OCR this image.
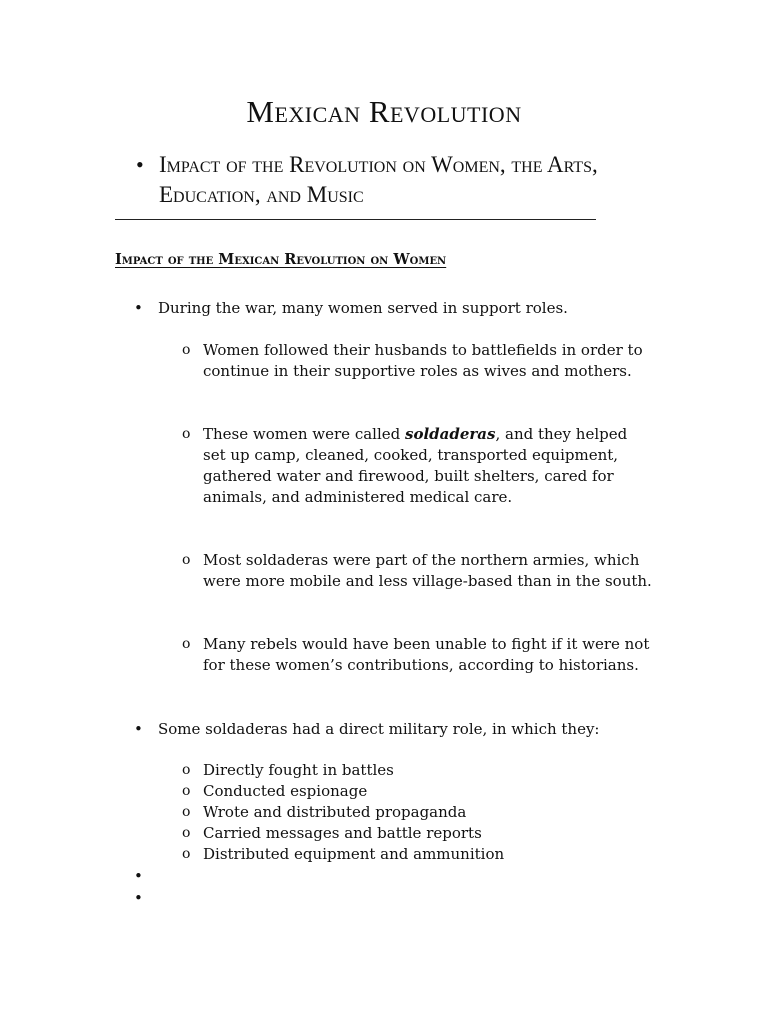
Mexican Revolution
• Impact of the Revolution on Women, the Arts, Education, and Music
Impact of the Mexican Revolution on Women
• During the war, many women served in support roles.
o Women followed their husbands to battlefields in order to continue in their supportive roles as wives and mothers.
o These women were called soldaderas, and they helped set up camp, cleaned, cooked, transported equipment, gathered water and firewood, built shelters, cared for animals, and administered medical care.
o Most soldaderas were part of the northern armies, which were more mobile and less village-based than in the south.
o Many rebels would have been unable to fight if it were not for these women’s contributions, according to historians.
• Some soldaderas had a direct military role, in which they:
o Directly fought in battles
o Conducted espionage
o Wrote and distributed propaganda
o Carried messages and battle reports
o Distributed equipment and ammunition
•
•
